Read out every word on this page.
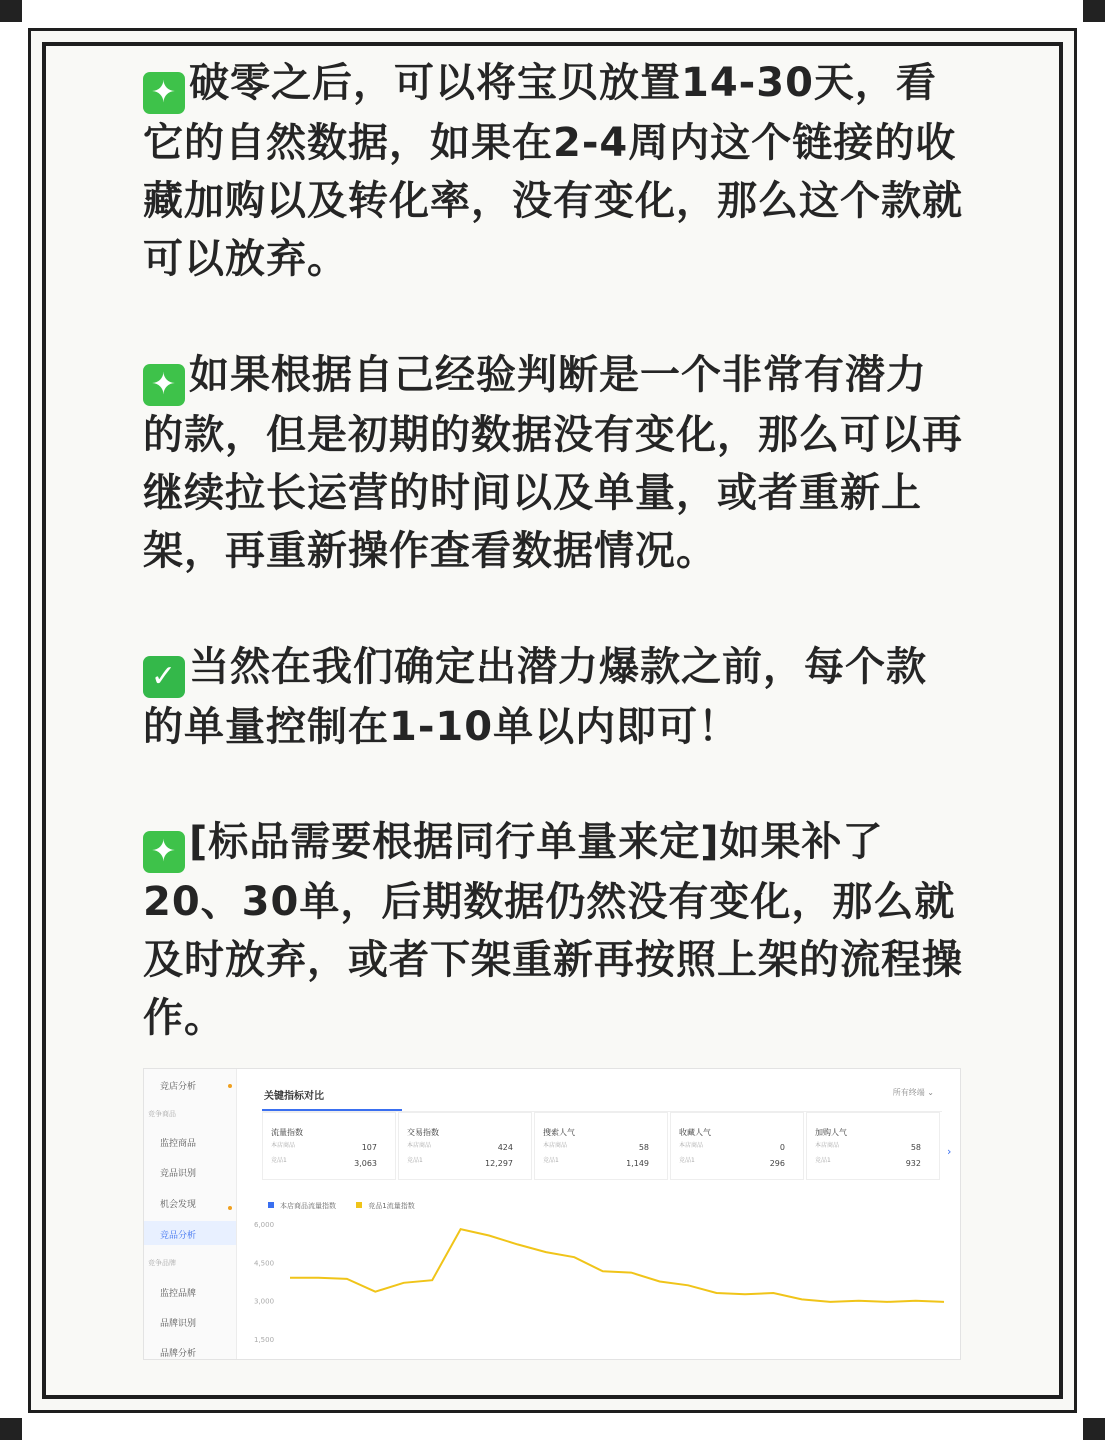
✦ 破零之后，可以将宝贝放置14-30天，看它的自然数据，如果在2-4周内这个链接的收藏加购以及转化率，没有变化，那么这个款就可以放弃。

✦ 如果根据自己经验判断是一个非常有潜力的款，但是初期的数据没有变化，那么可以再继续拉长运营的时间以及单量，或者重新上架，再重新操作查看数据情况。

✓ 当然在我们确定出潜力爆款之前，每个款的单量控制在1-10单以内即可！

✦ [标品需要根据同行单量来定]如果补了20、30单，后期数据仍然没有变化，那么就及时放弃，或者下架重新再按照上架的流程操作。

竞店分析
竞争商品
监控商品
竞品识别
机会发现
竞品分析
竞争品牌
监控品牌
品牌识别
品牌分析
关键指标对比	所有终端 ⌄
流量指数
本店商品
竞品1
107
3,063
交易指数
本店商品
竞品1
424
12,297
搜索人气
本店商品
竞品1
58
1,149
收藏人气
本店商品
竞品1
0
296
加购人气
本店商品
竞品1
58
932
›
本店商品流量指数	竞品1流量指数
6,000
4,500
3,000
1,500
